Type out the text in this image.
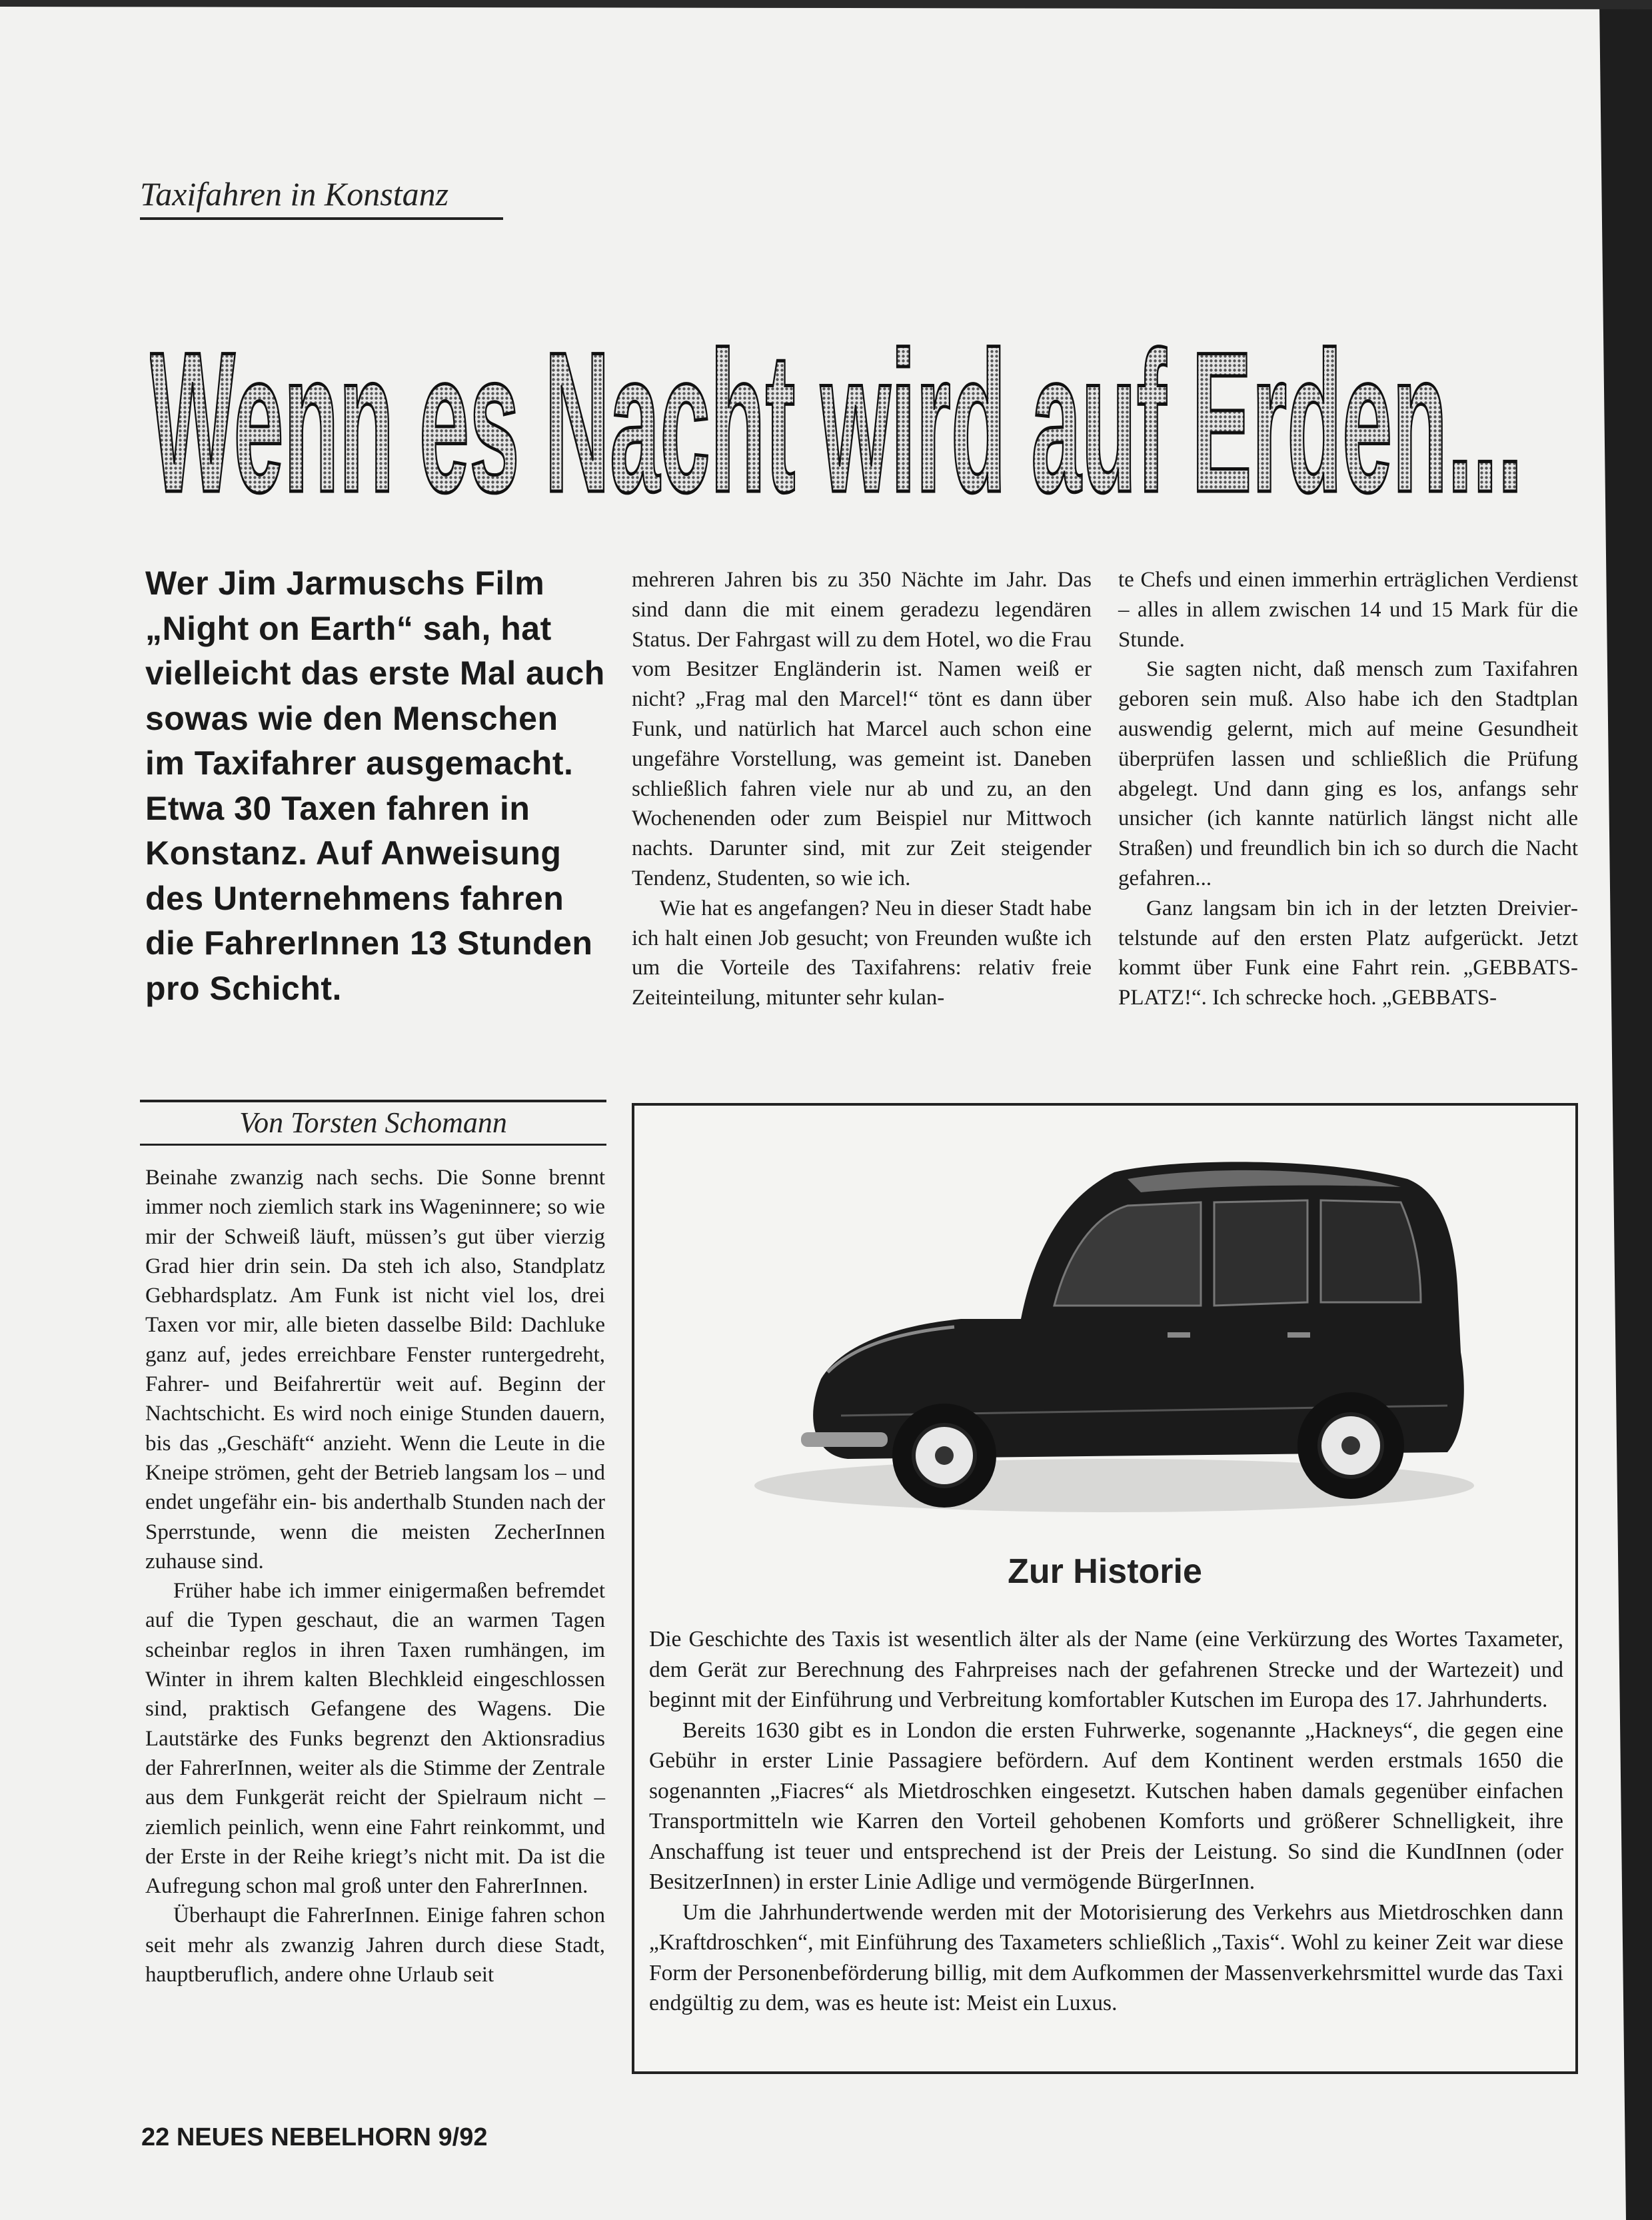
Taxifahren in Konstanz
Wenn es Nacht wird auf Erden...

Wer Jim Jarmuschs Film „Night on Earth“ sah, hat vielleicht das erste Mal auch sowas wie den Menschen im Taxifahrer ausgemacht.

Etwa 30 Taxen fahren in Konstanz. Auf Anweisung des Unternehmens fahren die FahrerInnen 13 Stunden pro Schicht.

Von Torsten Schomann

Beinahe zwanzig nach sechs. Die Sonne brennt immer noch ziemlich stark ins Wageninnere; so wie mir der Schweiß läuft, müssen’s gut über vierzig Grad hier drin sein. Da steh ich also, Standplatz Gebhardsplatz. Am Funk ist nicht viel los, drei Taxen vor mir, alle bieten dasselbe Bild: Dachluke ganz auf, jedes erreichbare Fenster runtergedreht, Fahrer- und Beifahrertür weit auf. Beginn der Nachtschicht. Es wird noch einige Stunden dauern, bis das „Geschäft“ anzieht. Wenn die Leute in die Kneipe strömen, geht der Betrieb langsam los – und endet ungefähr ein- bis anderthalb Stunden nach der Sperrstunde, wenn die meisten ZecherInnen zuhause sind.

Früher habe ich immer einigermaßen befremdet auf die Typen geschaut, die an warmen Tagen scheinbar reglos in ihren Taxen rumhängen, im Winter in ihrem kalten Blechkleid eingeschlossen sind, praktisch Gefangene des Wagens. Die Lautstärke des Funks begrenzt den Aktionsradius der FahrerInnen, weiter als die Stimme der Zentrale aus dem Funkgerät reicht der Spielraum nicht – ziemlich peinlich, wenn eine Fahrt reinkommt, und der Erste in der Reihe kriegt’s nicht mit. Da ist die Aufregung schon mal groß unter den FahrerInnen.

Überhaupt die FahrerInnen. Einige fahren schon seit mehr als zwanzig Jahren durch diese Stadt, hauptberuflich, andere ohne Urlaub seit

mehreren Jahren bis zu 350 Nächte im Jahr. Das sind dann die mit einem geradezu legendären Status. Der Fahrgast will zu dem Hotel, wo die Frau vom Besitzer Engländerin ist. Namen weiß er nicht? „Frag mal den Marcel!“ tönt es dann über Funk, und natürlich hat Marcel auch schon eine ungefähre Vorstellung, was gemeint ist. Daneben schließlich fahren viele nur ab und zu, an den Wochenenden oder zum Beispiel nur Mittwoch nachts. Darunter sind, mit zur Zeit steigender Tendenz, Studenten, so wie ich.

Wie hat es angefangen? Neu in dieser Stadt habe ich halt einen Job gesucht; von Freunden wußte ich um die Vorteile des Taxifahrens: relativ freie Zeiteinteilung, mitunter sehr kulan-

te Chefs und einen immerhin erträglichen Verdienst – alles in allem zwischen 14 und 15 Mark für die Stunde.

Sie sagten nicht, daß mensch zum Taxifahren geboren sein muß. Also habe ich den Stadtplan auswendig gelernt, mich auf meine Gesundheit überprüfen lassen und schließlich die Prüfung abgelegt. Und dann ging es los, anfangs sehr unsicher (ich kannte natürlich längst nicht alle Straßen) und freundlich bin ich so durch die Nacht gefahren...

Ganz langsam bin ich in der letzten Dreiviertelstunde auf den ersten Platz aufgerückt. Jetzt kommt über Funk eine Fahrt rein. „GEBBATSPLATZ!“. Ich schrecke hoch. „GEBBATS-

Zur Historie

Die Geschichte des Taxis ist wesentlich älter als der Name (eine Verkürzung des Wortes Taxameter, dem Gerät zur Berechnung des Fahrpreises nach der gefahrenen Strecke und der Wartezeit) und beginnt mit der Einführung und Verbreitung komfortabler Kutschen im Europa des 17. Jahrhunderts.

Bereits 1630 gibt es in London die ersten Fuhrwerke, sogenannte „Hackneys“, die gegen eine Gebühr in erster Linie Passagiere befördern. Auf dem Kontinent werden erstmals 1650 die sogenannten „Fiacres“ als Mietdroschken eingesetzt. Kutschen haben damals gegenüber einfachen Transportmitteln wie Karren den Vorteil gehobenen Komforts und größerer Schnelligkeit, ihre Anschaffung ist teuer und entsprechend ist der Preis der Leistung. So sind die KundInnen (oder BesitzerInnen) in erster Linie Adlige und vermögende BürgerInnen.

Um die Jahrhundertwende werden mit der Motorisierung des Verkehrs aus Mietdroschken dann „Kraftdroschken“, mit Einführung des Taxameters schließlich „Taxis“. Wohl zu keiner Zeit war diese Form der Personenbeförderung billig, mit dem Aufkommen der Massenverkehrsmittel wurde das Taxi endgültig zu dem, was es heute ist: Meist ein Luxus.

22 NEUES NEBELHORN 9/92
